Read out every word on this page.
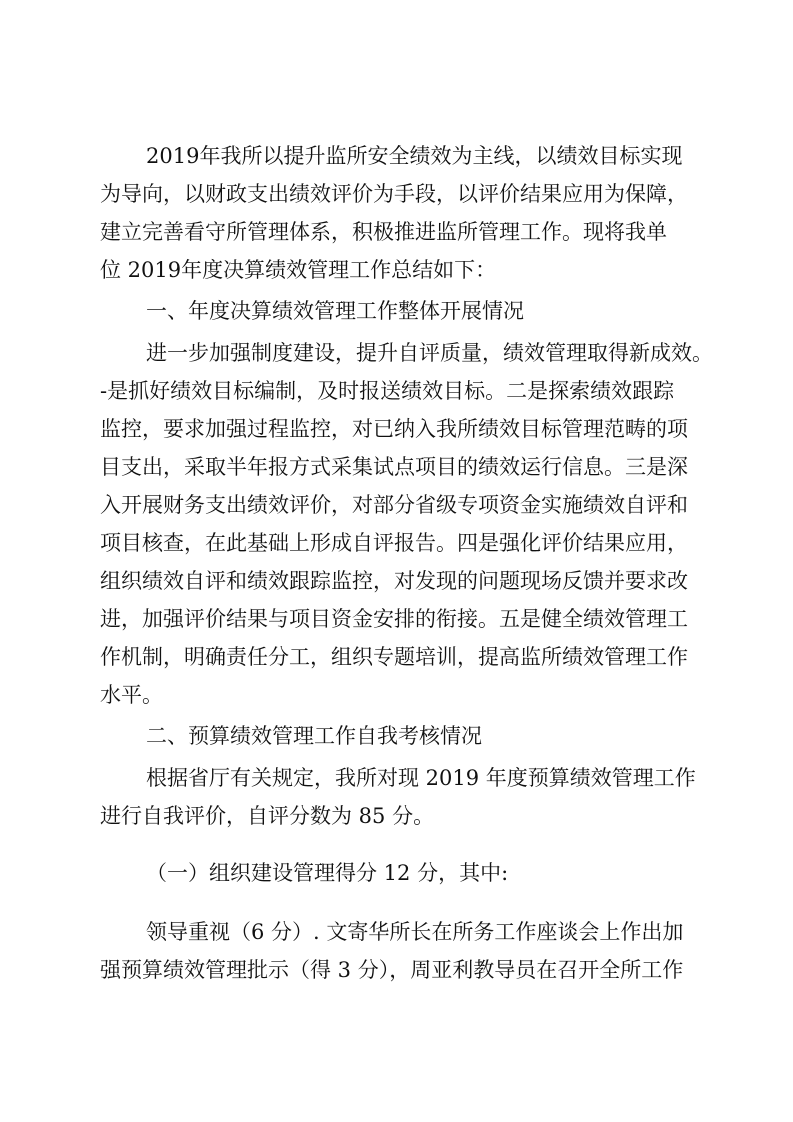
2019年我所以提升监所安全绩效为主线，以绩效目标实现

为导向，以财政支出绩效评价为手段，以评价结果应用为保障，

建立完善看守所管理体系，积极推进监所管理工作。现将我单

位 2019年度决算绩效管理工作总结如下：

一、年度决算绩效管理工作整体开展情况

进一步加强制度建设，提升自评质量，绩效管理取得新成效。

-是抓好绩效目标编制，及时报送绩效目标。二是探索绩效跟踪

监控，要求加强过程监控，对已纳入我所绩效目标管理范畴的项

目支出，采取半年报方式采集试点项目的绩效运行信息。三是深

入开展财务支出绩效评价，对部分省级专项资金实施绩效自评和

项目核查，在此基础上形成自评报告。四是强化评价结果应用，

组织绩效自评和绩效跟踪监控，对发现的问题现场反馈并要求改

进，加强评价结果与项目资金安排的衔接。五是健全绩效管理工

作机制，明确责任分工，组织专题培训，提高监所绩效管理工作

水平。

二、预算绩效管理工作自我考核情况

根据省厅有关规定，我所对现 2019 年度预算绩效管理工作

进行自我评价，自评分数为 85 分。

（一）组织建设管理得分 12 分，其中:

领导重视（6 分）. 文寄华所长在所务工作座谈会上作出加

强预算绩效管理批示（得 3 分），周亚利教导员在召开全所工作
